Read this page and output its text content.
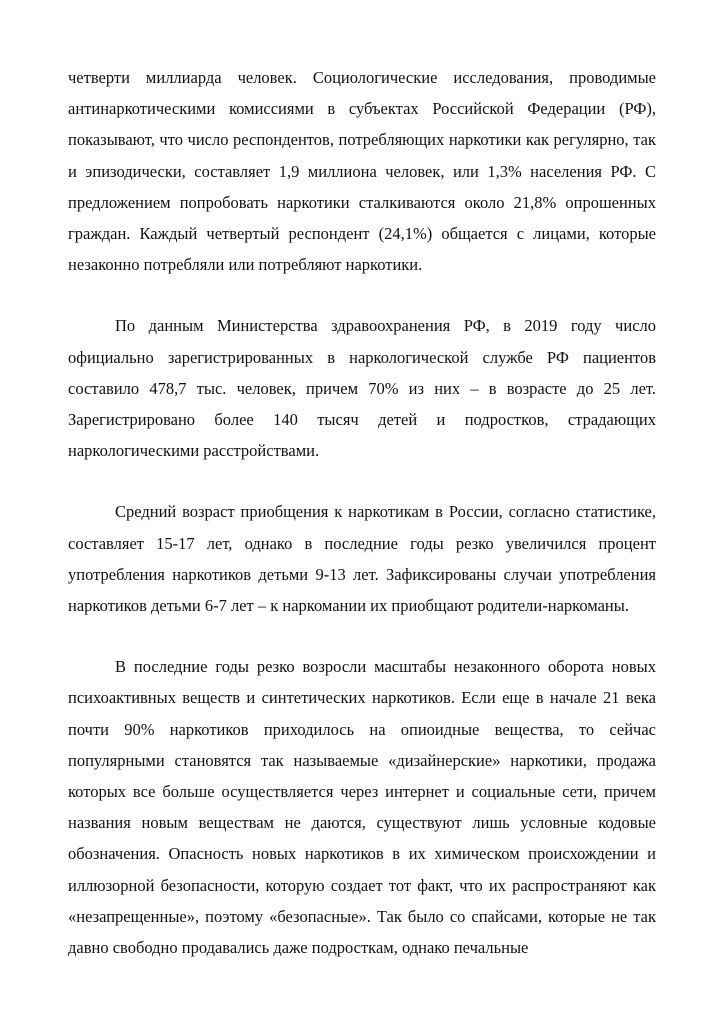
четверти миллиарда человек. Социологические исследования, проводимые антинаркотическими комиссиями в субъектах Российской Федерации (РФ), показывают, что число респондентов, потребляющих наркотики как регулярно, так и эпизодически, составляет 1,9 миллиона человек, или 1,3% населения РФ. С предложением попробовать наркотики сталкиваются около 21,8% опрошенных граждан. Каждый четвертый респондент (24,1%) общается с лицами, которые незаконно потребляли или потребляют наркотики.

По данным Министерства здравоохранения РФ, в 2019 году число официально зарегистрированных в наркологической службе РФ пациентов составило 478,7 тыс. человек, причем 70% из них – в возрасте до 25 лет. Зарегистрировано более 140 тысяч детей и подростков, страдающих наркологическими расстройствами.

Средний возраст приобщения к наркотикам в России, согласно статистике, составляет 15-17 лет, однако в последние годы резко увеличился процент употребления наркотиков детьми 9-13 лет. Зафиксированы случаи употребления наркотиков детьми 6-7 лет – к наркомании их приобщают родители-наркоманы.

В последние годы резко возросли масштабы незаконного оборота новых психоактивных веществ и синтетических наркотиков. Если еще в начале 21 века почти 90% наркотиков приходилось на опиоидные вещества, то сейчас популярными становятся так называемые «дизайнерские» наркотики, продажа которых все больше осуществляется через интернет и социальные сети, причем названия новым веществам не даются, существуют лишь условные кодовые обозначения. Опасность новых наркотиков в их химическом происхождении и иллюзорной безопасности, которую создает тот факт, что их распространяют как «незапрещенные», поэтому «безопасные». Так было со спайсами, которые не так давно свободно продавались даже подросткам, однако печальные
